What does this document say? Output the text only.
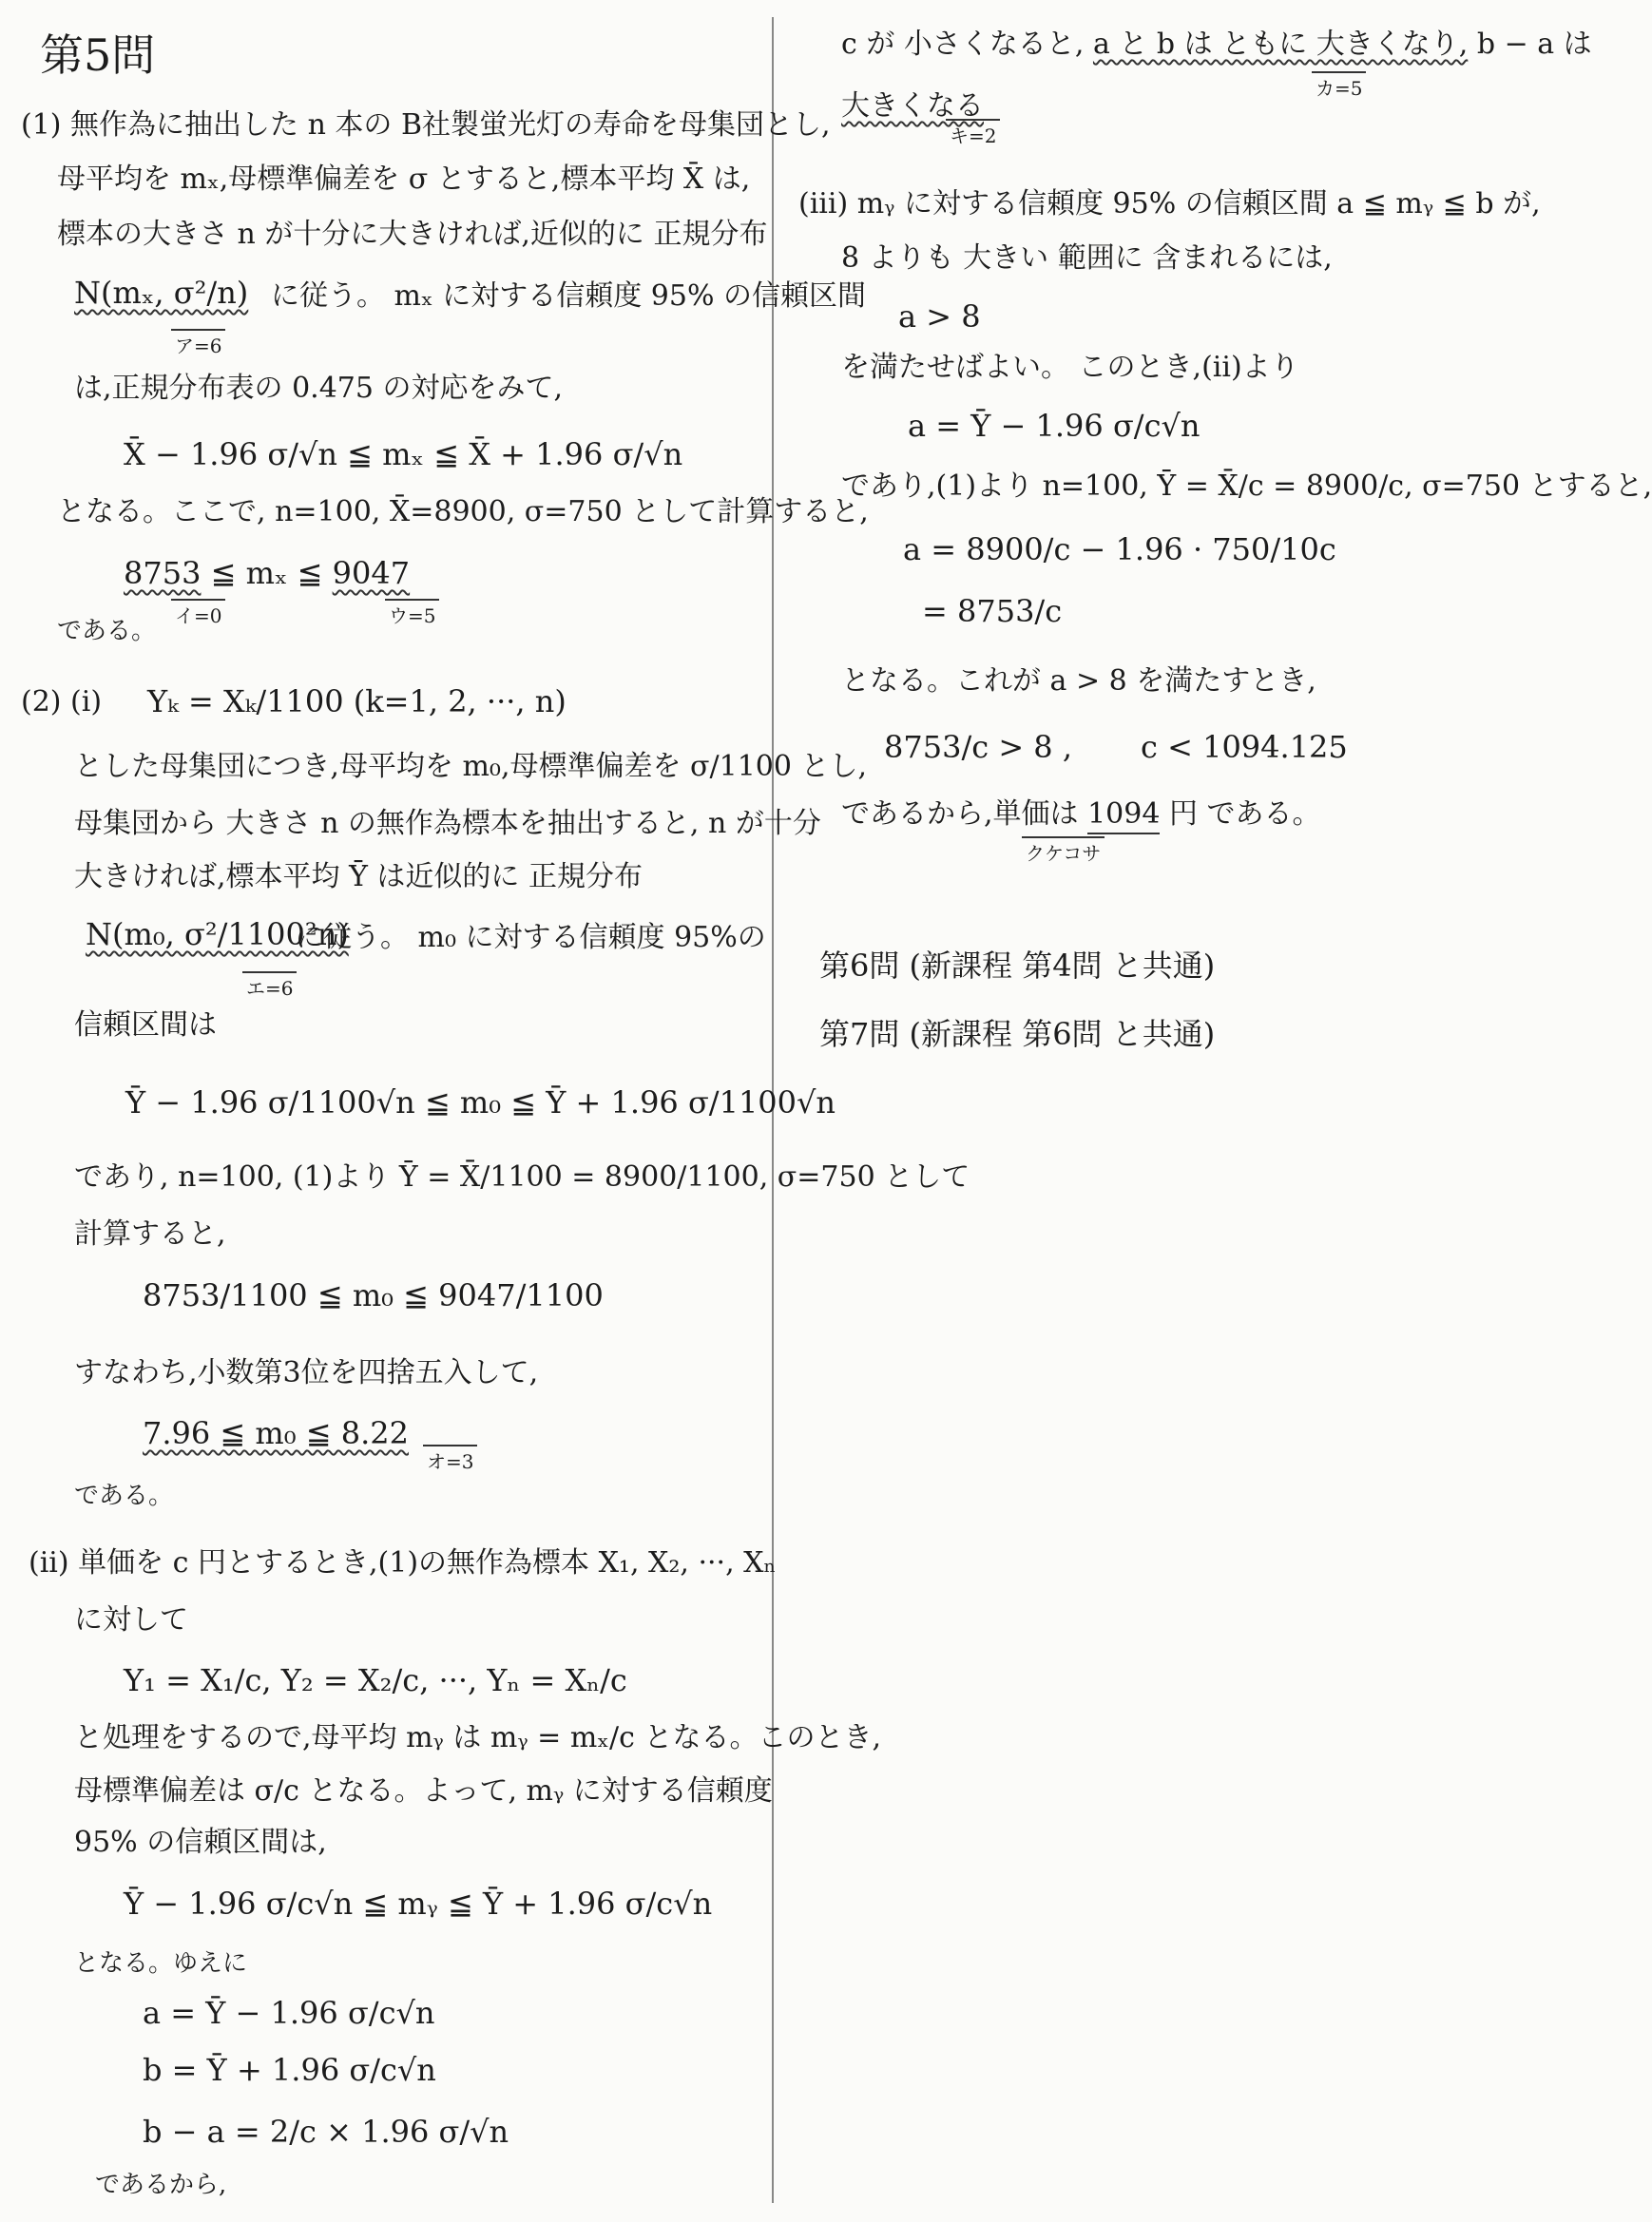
第5問
(1) 無作為に抽出した n 本の B社製蛍光灯の寿命を母集団とし,
母平均を mₓ,母標準偏差を σ とすると,標本平均 X̄ は,
標本の大きさ n が十分に大きければ,近似的に 正規分布
N(mₓ, σ²/n) に従う。 mₓ に対する信頼度 95% の信頼区間
ア=6
は,正規分布表の 0.475 の対応をみて,
X̄ − 1.96 σ/√n ≦ mₓ ≦ X̄ + 1.96 σ/√n
となる。ここで, n=100, X̄=8900, σ=750 として計算すると,
8753 ≦ mₓ ≦ 9047
イ=0	ウ=5
である。
(2) (i) Yₖ = Xₖ/1100 (k=1, 2, ···, n)
とした母集団につき,母平均を m₀,母標準偏差を σ/1100 とし,
母集団から 大きさ n の無作為標本を抽出すると, n が十分
大きければ,標本平均 Ȳ は近似的に 正規分布
N(m₀, σ²/1100²n)
に従う。 m₀ に対する信頼度 95%の
エ=6
信頼区間は
Ȳ − 1.96 σ/1100√n ≦ m₀ ≦ Ȳ + 1.96 σ/1100√n
であり, n=100, (1)より Ȳ = X̄/1100 = 8900/1100, σ=750 として
計算すると,
8753/1100 ≦ m₀ ≦ 9047/1100
すなわち,小数第3位を四捨五入して,
7.96 ≦ m₀ ≦ 8.22
オ=3
である。
(ii) 単価を c 円とするとき,(1)の無作為標本 X₁, X₂, ···, Xₙ
に対して
Y₁ = X₁/c, Y₂ = X₂/c, ···, Yₙ = Xₙ/c
と処理をするので,母平均 mᵧ は mᵧ = mₓ/c となる。このとき,
母標準偏差は σ/c となる。よって, mᵧ に対する信頼度
95% の信頼区間は,
Ȳ − 1.96 σ/c√n ≦ mᵧ ≦ Ȳ + 1.96 σ/c√n
となる。ゆえに
a = Ȳ − 1.96 σ/c√n
b = Ȳ + 1.96 σ/c√n
b − a = 2/c × 1.96 σ/√n
であるから,
c が 小さくなると, a と b は ともに 大きくなり, b − a は
カ=5
大きくなる
キ=2
(iii) mᵧ に対する信頼度 95% の信頼区間 a ≦ mᵧ ≦ b が,
8 よりも 大きい 範囲に 含まれるには,
a > 8
を満たせばよい。 このとき,(ii)より
a = Ȳ − 1.96 σ/c√n
であり,(1)より n=100, Ȳ = X̄/c = 8900/c, σ=750 とすると,
a = 8900/c − 1.96 · 750/10c
= 8753/c
となる。これが a > 8 を満たすとき,
8753/c > 8 , c < 1094.125
であるから,単価は 1094 円 である。
クケコサ
第6問 (新課程 第4問 と共通)
第7問 (新課程 第6問 と共通)
